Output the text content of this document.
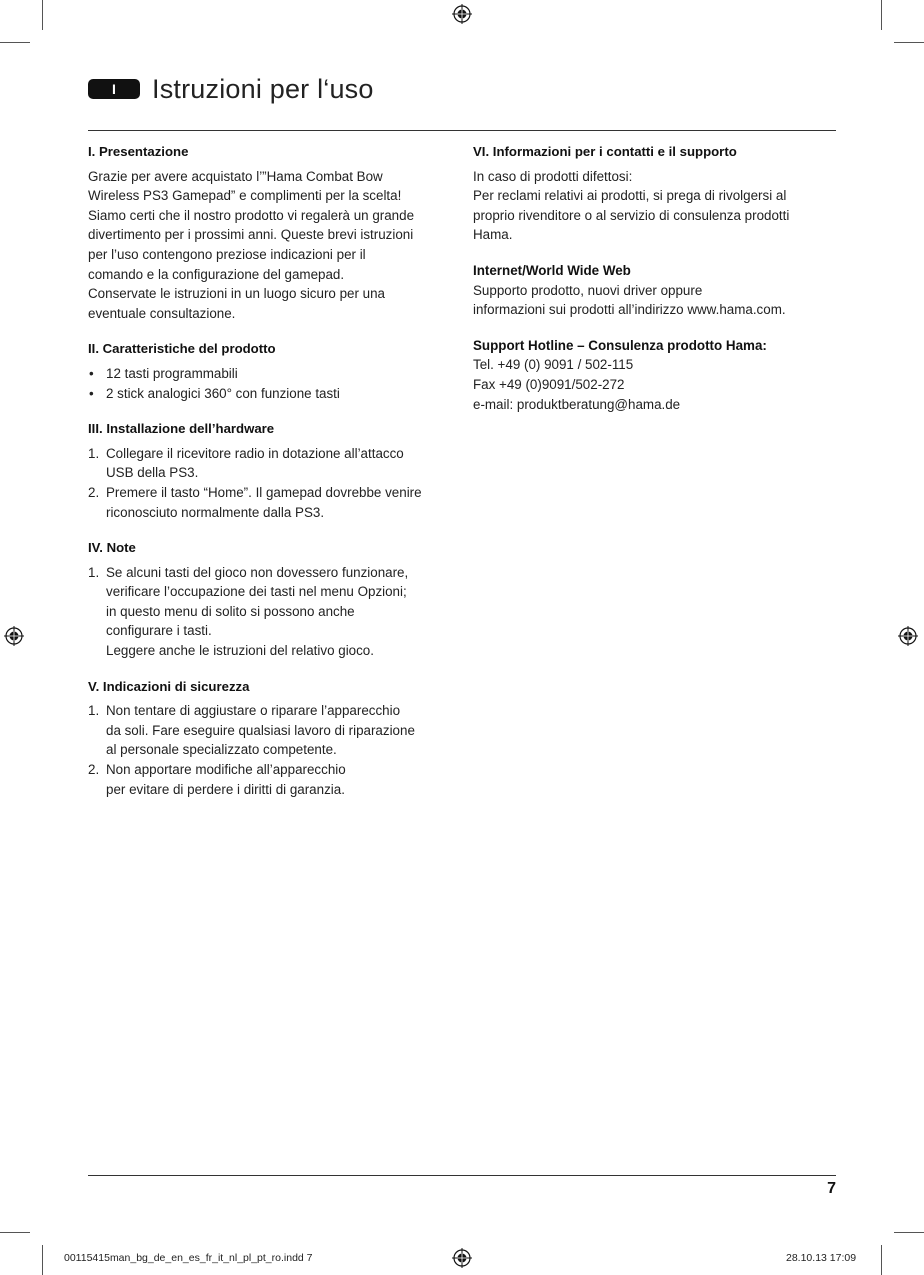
I	Istruzioni per l‘uso
I. Presentazione

Grazie per avere acquistato l’”Hama Combat Bow
Wireless PS3 Gamepad” e complimenti per la scelta!
Siamo certi che il nostro prodotto vi regalerà un grande
divertimento per i prossimi anni. Queste brevi istruzioni
per l’uso contengono preziose indicazioni per il
comando e la configurazione del gamepad.
Conservate le istruzioni in un luogo sicuro per una
eventuale consultazione.

II. Caratteristiche del prodotto
• 12 tasti programmabili
• 2 stick analogici 360° con funzione tasti
III. Installazione dell’hardware
1. Collegare il ricevitore radio in dotazione all’attacco
USB della PS3.
2. Premere il tasto “Home”. Il gamepad dovrebbe venire
riconosciuto normalmente dalla PS3.
IV. Note
1. Se alcuni tasti del gioco non dovessero funzionare,
verificare l’occupazione dei tasti nel menu Opzioni;
in questo menu di solito si possono anche
configurare i tasti.
Leggere anche le istruzioni del relativo gioco.
V. Indicazioni di sicurezza
1. Non tentare di aggiustare o riparare l’apparecchio
da soli. Fare eseguire qualsiasi lavoro di riparazione
al personale specializzato competente.
2. Non apportare modifiche all’apparecchio
per evitare di perdere i diritti di garanzia.
VI. Informazioni per i contatti e il supporto

In caso di prodotti difettosi:
Per reclami relativi ai prodotti, si prega di rivolgersi al
proprio rivenditore o al servizio di consulenza prodotti
Hama.

Internet/World Wide Web

Supporto prodotto, nuovi driver oppure
informazioni sui prodotti all’indirizzo www.hama.com.

Support Hotline – Consulenza prodotto Hama:
Tel. +49 (0) 9091 / 502-115
Fax +49 (0)9091/502-272
e-mail: produktberatung@hama.de
7
00115415man_bg_de_en_es_fr_it_nl_pl_pt_ro.indd 7	28.10.13 17:09
